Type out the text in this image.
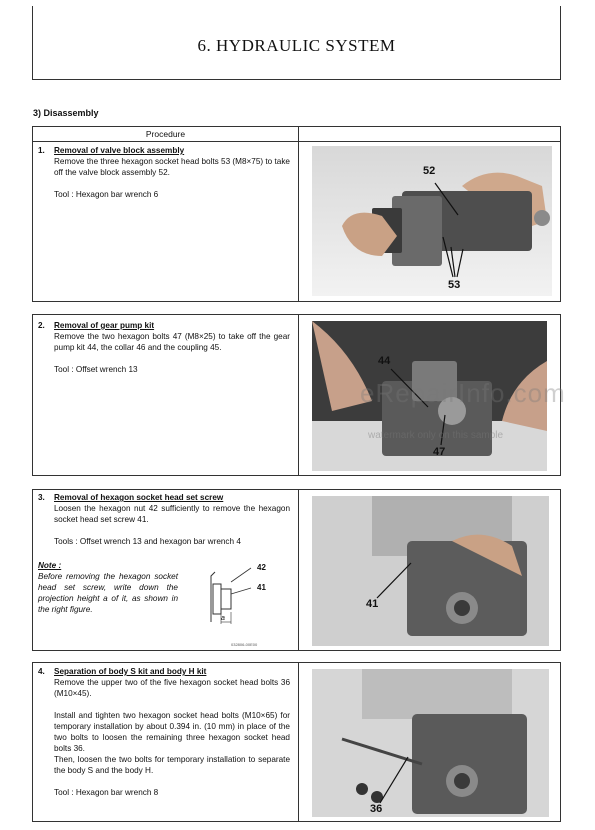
6. HYDRAULIC SYSTEM
3) Disassembly
Procedure
1. Removal of valve block assembly
Remove the three hexagon socket head bolts 53 (M8×75) to take off the valve block assembly 52.
Tool : Hexagon bar wrench 6
52
53
2. Removal of gear pump kit
Remove the two hexagon bolts 47 (M8×25) to take off the gear pump kit 44, the collar 46 and the coupling 45.
Tool : Offset wrench 13
44
47
3. Removal of hexagon socket head set screw
Loosen the hexagon nut 42 sufficiently to remove the hexagon socket head set screw 41.
Tools : Offset wrench 13 and hexagon bar wrench 4
Note :
Before removing the hexagon socket head set screw, write down the projection height a of it, as shown in the right figure.
42
41
a
032806-00E00
41
4. Separation of body S kit and body H kit
Remove the upper two of the five hexagon socket head bolts 36 (M10×45).
Install and tighten two hexagon socket head bolts (M10×65) for temporary installation by about 0.394 in. (10 mm) in place of the two bolts to loosen the remaining three hexagon socket head bolts 36.
Then, loosen the two bolts for temporary installation to separate the body S and the body H.
Tool : Hexagon bar wrench 8
36
eRepairInfo.com
watermark only on this sample
